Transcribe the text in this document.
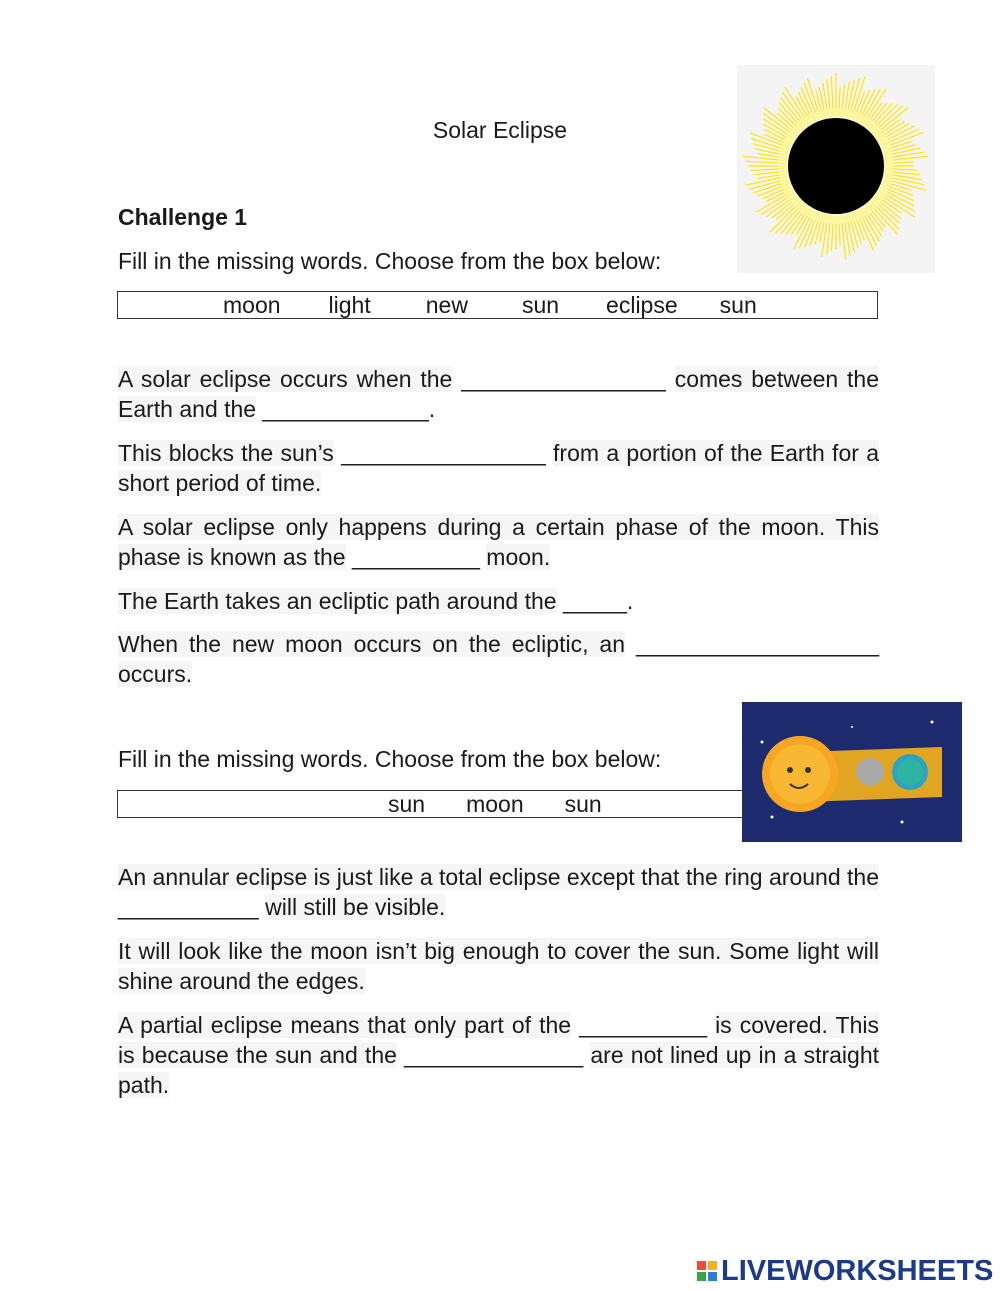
Solar Eclipse
Challenge 1
Fill in the missing words. Choose from the box below:
moon light new sun eclipse sun
A solar eclipse occurs when the ________________ comes between the Earth and the _____________.
This blocks the sun’s ________________ from a portion of the Earth for a short period of time.
A solar eclipse only happens during a certain phase of the moon. This phase is known as the __________ moon.
The Earth takes an ecliptic path around the _____.
When the new moon occurs on the ecliptic, an ___________________ occurs.
Fill in the missing words. Choose from the box below:
sun moon sun
An annular eclipse is just like a total eclipse except that the ring around the ___________ will still be visible.
It will look like the moon isn’t big enough to cover the sun. Some light will shine around the edges.
A partial eclipse means that only part of the __________ is covered. This is because the sun and the ______________ are not lined up in a straight path.
LIVEWORKSHEETS
